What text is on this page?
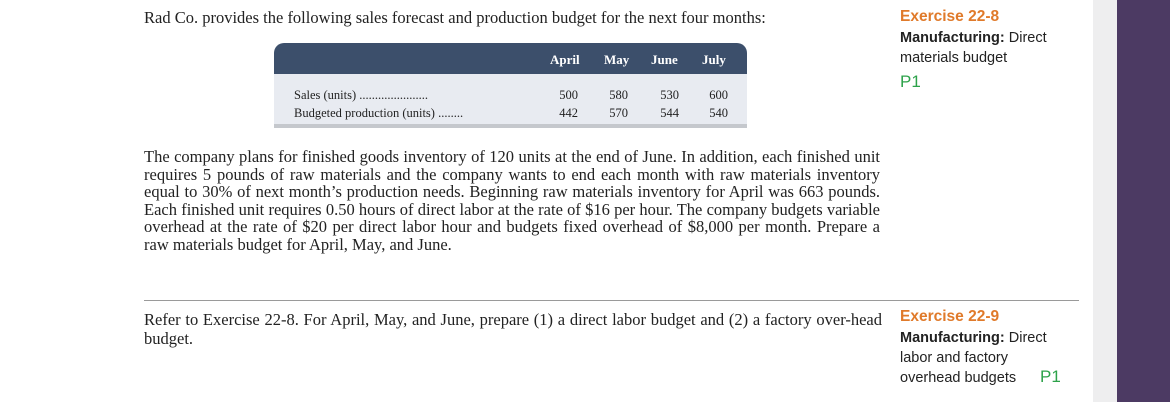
Rad Co. provides the following sales forecast and production budget for the next four months:
April May June July
Sales (units) ......................	500	580	530	600
Budgeted production (units) ........	442	570	544	540
The company plans for finished goods inventory of 120 units at the end of June. In addition, each finished unit requires 5 pounds of raw materials and the company wants to end each month with raw materials inventory equal to 30% of next month’s production needs. Beginning raw materials inventory for April was 663 pounds. Each finished unit requires 0.50 hours of direct labor at the rate of $16 per hour. The company budgets variable overhead at the rate of $20 per direct labor hour and budgets fixed overhead of $8,000 per month. Prepare a raw materials budget for April, May, and June.
Refer to Exercise 22-8. For April, May, and June, prepare (1) a direct labor budget and (2) a factory over-head budget.
Exercise 22-8
Manufacturing: Direct
materials budget
P1
Exercise 22-9
Manufacturing: Direct
labor and factory
overhead budgets	P1
